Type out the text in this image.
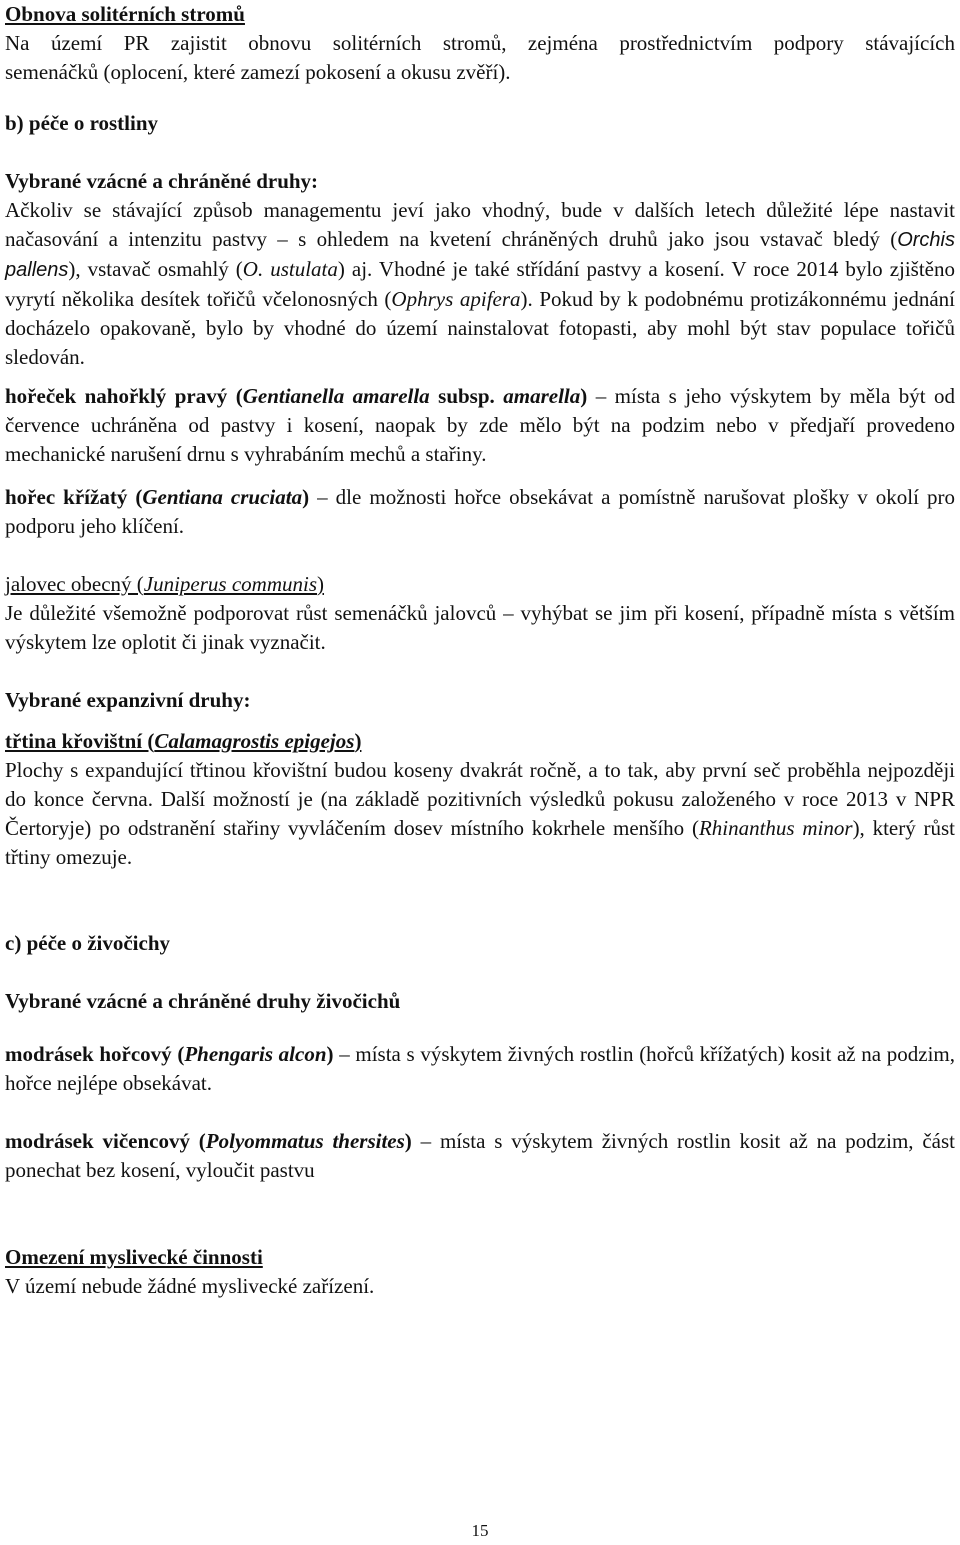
Obnova solitérních stromů
Na území PR zajistit obnovu solitérních stromů, zejména prostřednictvím podpory stávajících
semenáčků (oplocení, které zamezí pokosení a okusu zvěří).
b) péče o rostliny
Vybrané vzácné a chráněné druhy:
Ačkoliv se stávající způsob managementu jeví jako vhodný, bude v dalších letech důležité lépe nastavit načasování a intenzitu pastvy – s ohledem na kvetení chráněných druhů jako jsou vstavač bledý (Orchis pallens), vstavač osmahlý (O. ustulata) aj. Vhodné je také střídání pastvy a kosení. V roce 2014 bylo zjištěno vyrytí několika desítek tořičů včelonosných (Ophrys apifera). Pokud by k podobnému protizákonnému jednání docházelo opakovaně, bylo by vhodné do území nainstalovat fotopasti, aby mohl být stav populace tořičů sledován.
hořeček nahořklý pravý (Gentianella amarella subsp. amarella) – místa s jeho výskytem by měla být od července uchráněna od pastvy i kosení, naopak by zde mělo být na podzim nebo v předjaří provedeno mechanické narušení drnu s vyhrabáním mechů a stařiny.
hořec křížatý (Gentiana cruciata) – dle možnosti hořce obsekávat a pomístně narušovat plošky v okolí pro podporu jeho klíčení.
jalovec obecný (Juniperus communis)
Je důležité všemožně podporovat růst semenáčků jalovců – vyhýbat se jim při kosení, případně místa s větším výskytem lze oplotit či jinak vyznačit.
Vybrané expanzivní druhy:
třtina křovištní (Calamagrostis epigejos)
Plochy s expandující třtinou křovištní budou koseny dvakrát ročně, a to tak, aby první seč proběhla nejpozději do konce června. Další možností je (na základě pozitivních výsledků pokusu založeného v roce 2013 v NPR Čertoryje) po odstranění stařiny vyvláčením dosev místního kokrhele menšího (Rhinanthus minor), který růst třtiny omezuje.
c) péče o živočichy
Vybrané vzácné a chráněné druhy živočichů
modrásek hořcový (Phengaris alcon) – místa s výskytem živných rostlin (hořců křížatých) kosit až na podzim, hořce nejlépe obsekávat.
modrásek vičencový (Polyommatus thersites) – místa s výskytem živných rostlin kosit až na podzim, část ponechat bez kosení, vyloučit pastvu
Omezení myslivecké činnosti
V území nebude žádné myslivecké zařízení.
15
